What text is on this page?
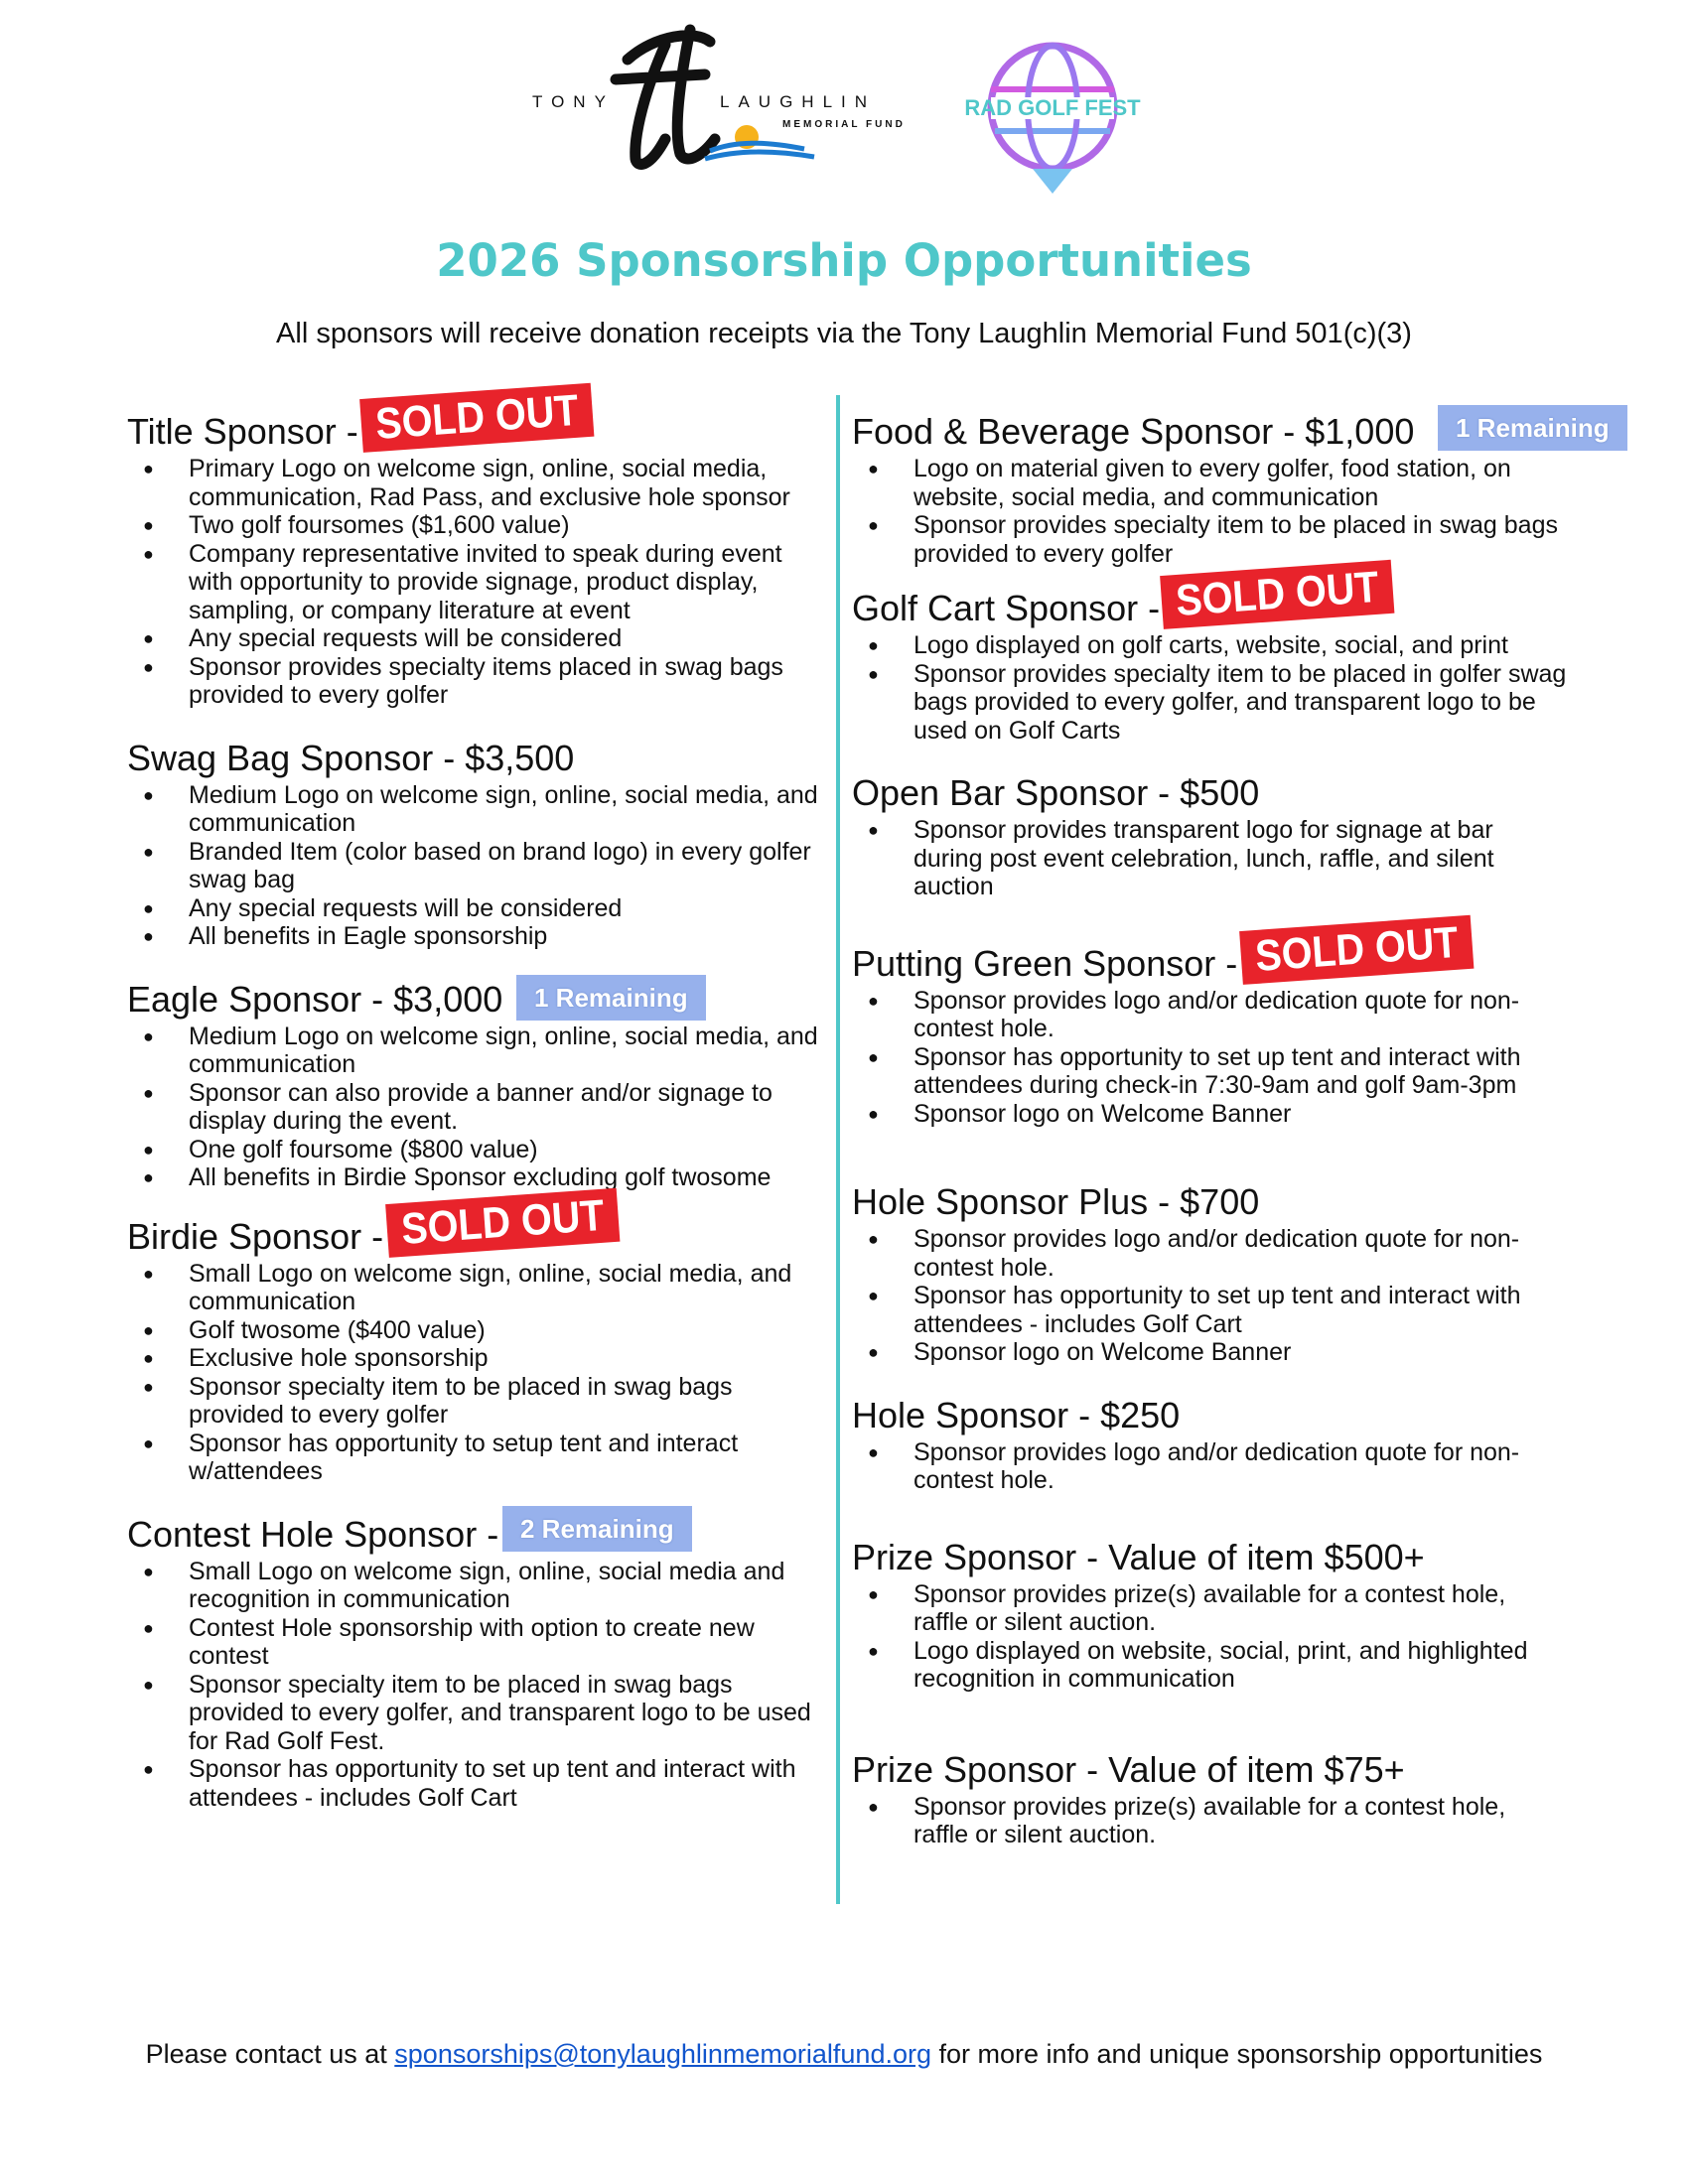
TONY	LAUGHLIN
MEMORIAL FUND
RAD GOLF FEST
2026 Sponsorship Opportunities
All sponsors will receive donation receipts via the Tony Laughlin Memorial Fund 501(c)(3)
Title Sponsor - SOLD OUT
● Primary Logo on welcome sign, online, social media, communication, Rad Pass, and exclusive hole sponsor
● Two golf foursomes ($1,600 value)
● Company representative invited to speak during event with opportunity to provide signage, product display, sampling, or company literature at event
● Any special requests will be considered
● Sponsor provides specialty items placed in swag bags provided to every golfer
Swag Bag Sponsor - $3,500
● Medium Logo on welcome sign, online, social media, and communication
● Branded Item (color based on brand logo) in every golfer swag bag
● Any special requests will be considered
● All benefits in Eagle sponsorship
Eagle Sponsor - $3,000	1 Remaining
● Medium Logo on welcome sign, online, social media, and communication
● Sponsor can also provide a banner and/or signage to display during the event.
● One golf foursome ($800 value)
● All benefits in Birdie Sponsor excluding golf twosome
Birdie Sponsor - SOLD OUT
● Small Logo on welcome sign, online, social media, and communication
● Golf twosome ($400 value)
● Exclusive hole sponsorship
● Sponsor specialty item to be placed in swag bags provided to every golfer
● Sponsor has opportunity to setup tent and interact w/attendees
Contest Hole Sponsor - 2 Remaining
● Small Logo on welcome sign, online, social media and recognition in communication
● Contest Hole sponsorship with option to create new contest
● Sponsor specialty item to be placed in swag bags provided to every golfer, and transparent logo to be used for Rad Golf Fest.
● Sponsor has opportunity to set up tent and interact with attendees - includes Golf Cart
Food & Beverage Sponsor - $1,000	1 Remaining
● Logo on material given to every golfer, food station, on website, social media, and communication
● Sponsor provides specialty item to be placed in swag bags provided to every golfer
Golf Cart Sponsor - SOLD OUT
● Logo displayed on golf carts, website, social, and print
● Sponsor provides specialty item to be placed in golfer swag bags provided to every golfer, and transparent logo to be used on Golf Carts
Open Bar Sponsor - $500
● Sponsor provides transparent logo for signage at bar during post event celebration, lunch, raffle, and silent auction
Putting Green Sponsor - SOLD OUT
● Sponsor provides logo and/or dedication quote for non-contest hole.
● Sponsor has opportunity to set up tent and interact with attendees during check-in 7:30-9am and golf 9am-3pm
● Sponsor logo on Welcome Banner
Hole Sponsor Plus - $700
● Sponsor provides logo and/or dedication quote for non-contest hole.
● Sponsor has opportunity to set up tent and interact with attendees - includes Golf Cart
● Sponsor logo on Welcome Banner
Hole Sponsor - $250
● Sponsor provides logo and/or dedication quote for non-contest hole.
Prize Sponsor - Value of item $500+
● Sponsor provides prize(s) available for a contest hole, raffle or silent auction.
● Logo displayed on website, social, print, and highlighted recognition in communication
Prize Sponsor - Value of item $75+
● Sponsor provides prize(s) available for a contest hole, raffle or silent auction.
Please contact us at sponsorships@tonylaughlinmemorialfund.org for more info and unique sponsorship opportunities
